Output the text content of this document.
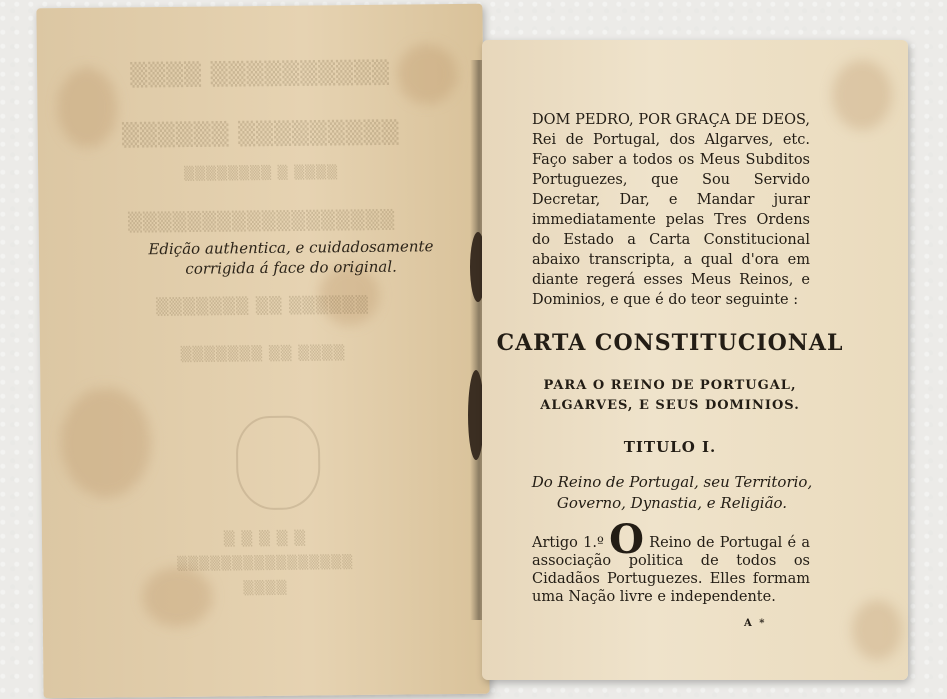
▒▒▒▒ ▒▒▒▒▒▒▒▒▒▒
▒▒▒▒▒▒ ▒▒▒▒▒▒▒▒▒
▒▒▒▒▒▒▒▒ ▒ ▒▒▒▒
▒▒▒▒▒▒▒▒▒▒▒▒▒▒▒▒▒▒
▒▒▒▒▒▒▒ ▒▒ ▒▒▒▒▒▒
▒▒▒▒▒▒▒ ▒▒ ▒▒▒▒
▒ ▒ ▒ ▒ ▒
▒▒▒▒▒▒▒▒▒▒▒▒▒▒▒▒
▒▒▒▒
Edição authentica, e cuidadosamente
corrigida á face do original.
DOM PEDRO, POR GRAÇA DE DEOS, Rei de Portugal, dos Algarves, etc. Faço saber a todos os Meus Subditos Portuguezes, que Sou Servido Decretar, Dar, e Mandar jurar immediatamente pelas Tres Ordens do Estado a Carta Constitucional abaixo transcripta, a qual d'ora em diante regerá esses Meus Reinos, e Dominios, e que é do teor seguinte :
CARTA CONSTITUCIONAL
PARA O REINO DE PORTUGAL,
ALGARVES, E SEUS DOMINIOS.
TITULO I.
Do Reino de Portugal, seu Territorio,
Governo, Dynastia, e Religião.
Artigo 1.º O Reino de Portugal é a associação politica de todos os Cidadãos Portuguezes. Elles formam uma Nação livre e independente.
A *
